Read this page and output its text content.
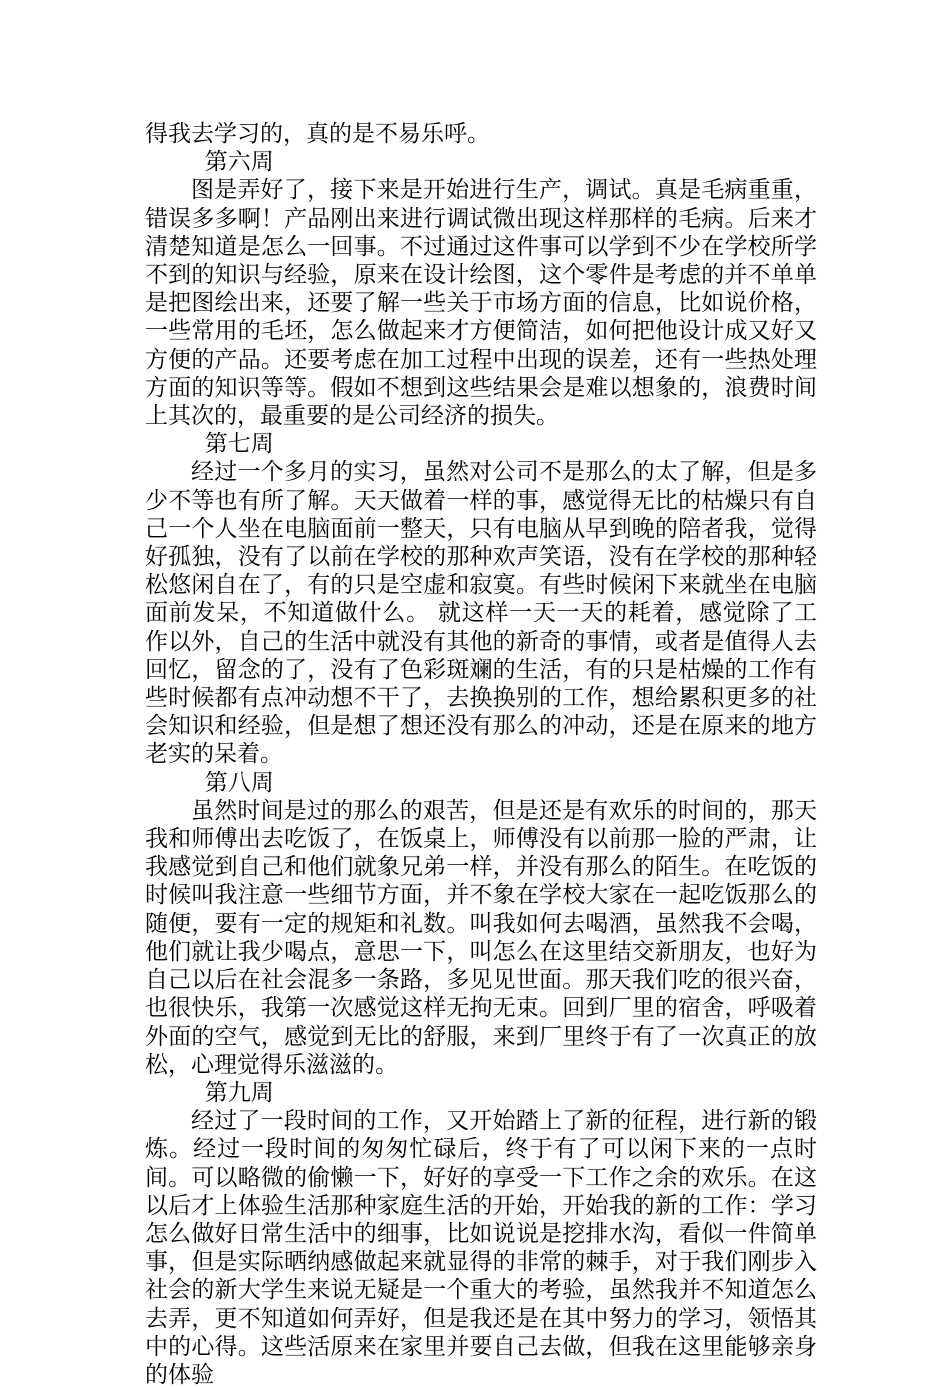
得我去学习的，真的是不易乐呼。

第六周

图是弄好了，接下来是开始进行生产，调试。真是毛病重重，错误多多啊！产品刚出来进行调试微出现这样那样的毛病。后来才清楚知道是怎么一回事。不过通过这件事可以学到不少在学校所学不到的知识与经验，原来在设计绘图，这个零件是考虑的并不单单是把图绘出来，还要了解一些关于市场方面的信息，比如说价格，一些常用的毛坯，怎么做起来才方便简洁，如何把他设计成又好又方便的产品。还要考虑在加工过程中出现的误差，还有一些热处理方面的知识等等。假如不想到这些结果会是难以想象的，浪费时间上其次的，最重要的是公司经济的损失。

第七周

经过一个多月的实习，虽然对公司不是那么的太了解，但是多少不等也有所了解。天天做着一样的事，感觉得无比的枯燥只有自己一个人坐在电脑面前一整天，只有电脑从早到晚的陪者我，觉得好孤独，没有了以前在学校的那种欢声笑语，没有在学校的那种轻松悠闲自在了，有的只是空虚和寂寞。有些时候闲下来就坐在电脑面前发呆，不知道做什么。 就这样一天一天的耗着，感觉除了工作以外，自己的生活中就没有其他的新奇的事情，或者是值得人去回忆，留念的了，没有了色彩斑斓的生活，有的只是枯燥的工作有些时候都有点冲动想不干了，去换换别的工作，想给累积更多的社会知识和经验，但是想了想还没有那么的冲动，还是在原来的地方老实的呆着。

第八周

虽然时间是过的那么的艰苦，但是还是有欢乐的时间的，那天我和师傅出去吃饭了，在饭桌上，师傅没有以前那一脸的严肃，让我感觉到自己和他们就象兄弟一样，并没有那么的陌生。在吃饭的时候叫我注意一些细节方面，并不象在学校大家在一起吃饭那么的随便，要有一定的规矩和礼数。叫我如何去喝酒，虽然我不会喝，他们就让我少喝点，意思一下，叫怎么在这里结交新朋友，也好为自己以后在社会混多一条路，多见见世面。那天我们吃的很兴奋，也很快乐，我第一次感觉这样无拘无束。回到厂里的宿舍，呼吸着外面的空气，感觉到无比的舒服，来到厂里终于有了一次真正的放松，心理觉得乐滋滋的。

第九周

经过了一段时间的工作，又开始踏上了新的征程，进行新的锻炼。经过一段时间的匆匆忙碌后，终于有了可以闲下来的一点时间。可以略微的偷懒一下，好好的享受一下工作之余的欢乐。在这以后才上体验生活那种家庭生活的开始，开始我的新的工作：学习怎么做好日常生活中的细事，比如说说是挖排水沟，看似一件简单事，但是实际晒纳感做起来就显得的非常的棘手，对于我们刚步入社会的新大学生来说无疑是一个重大的考验，虽然我并不知道怎么去弄，更不知道如何弄好，但是我还是在其中努力的学习，领悟其中的心得。这些活原来在家里并要自己去做，但我在这里能够亲身的体验
